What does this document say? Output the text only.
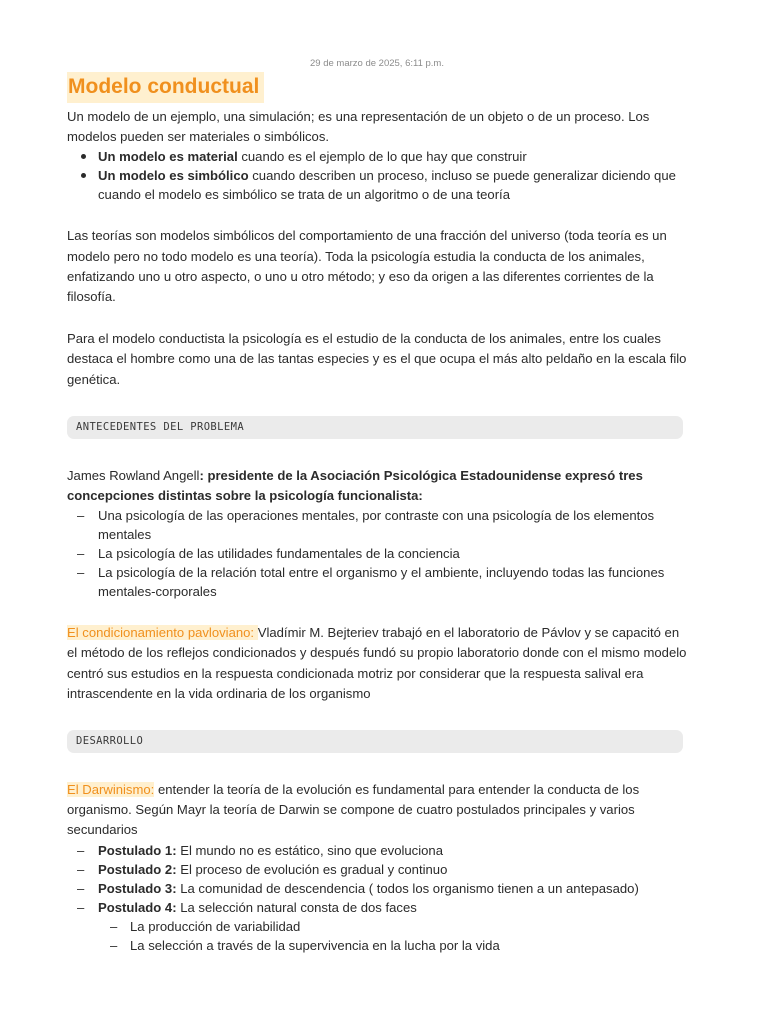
29 de marzo de 2025, 6:11 p.m.
Modelo conductual

Un modelo de un ejemplo, una simulación; es una representación de un objeto o de un proceso. Los modelos pueden ser materiales o simbólicos.

Un modelo es material cuando es el ejemplo de lo que hay que construir
Un modelo es simbólico cuando describen un proceso, incluso se puede generalizar diciendo que cuando el modelo es simbólico se trata de un algoritmo o de una teoría

Las teorías son modelos simbólicos del comportamiento de una fracción del universo (toda teoría es un modelo pero no todo modelo es una teoría). Toda la psicología estudia la conducta de los animales, enfatizando uno u otro aspecto, o uno u otro método; y eso da origen a las diferentes corrientes de la filosofía.

Para el modelo conductista la psicología es el estudio de la conducta de los animales, entre los cuales destaca el hombre como una de las tantas especies y es el que ocupa el más alto peldaño en la escala filo genética.

ANTECEDENTES DEL PROBLEMA

James Rowland Angell: presidente de la Asociación Psicológica Estadounidense expresó tres concepciones distintas sobre la psicología funcionalista:

– Una psicología de las operaciones mentales, por contraste con una psicología de los elementos mentales
– La psicología de las utilidades fundamentales de la conciencia
– La psicología de la relación total entre el organismo y el ambiente, incluyendo todas las funciones mentales-corporales

El condicionamiento pavloviano: Vladímir M. Bejteriev trabajó en el laboratorio de Pávlov y se capacitó en el método de los reflejos condicionados y después fundó su propio laboratorio donde con el mismo modelo centró sus estudios en la respuesta condicionada motriz por considerar que la respuesta salival era intrascendente en la vida ordinaria de los organismo

DESARROLLO

El Darwinismo: entender la teoría de la evolución es fundamental para entender la conducta de los organismo. Según Mayr la teoría de Darwin se compone de cuatro postulados principales y varios secundarios

– Postulado 1: El mundo no es estático, sino que evoluciona
– Postulado 2: El proceso de evolución es gradual y continuo
– Postulado 3: La comunidad de descendencia ( todos los organismo tienen a un antepasado)
– Postulado 4: La selección natural consta de dos faces
– La producción de variabilidad
– La selección a través de la supervivencia en la lucha por la vida
